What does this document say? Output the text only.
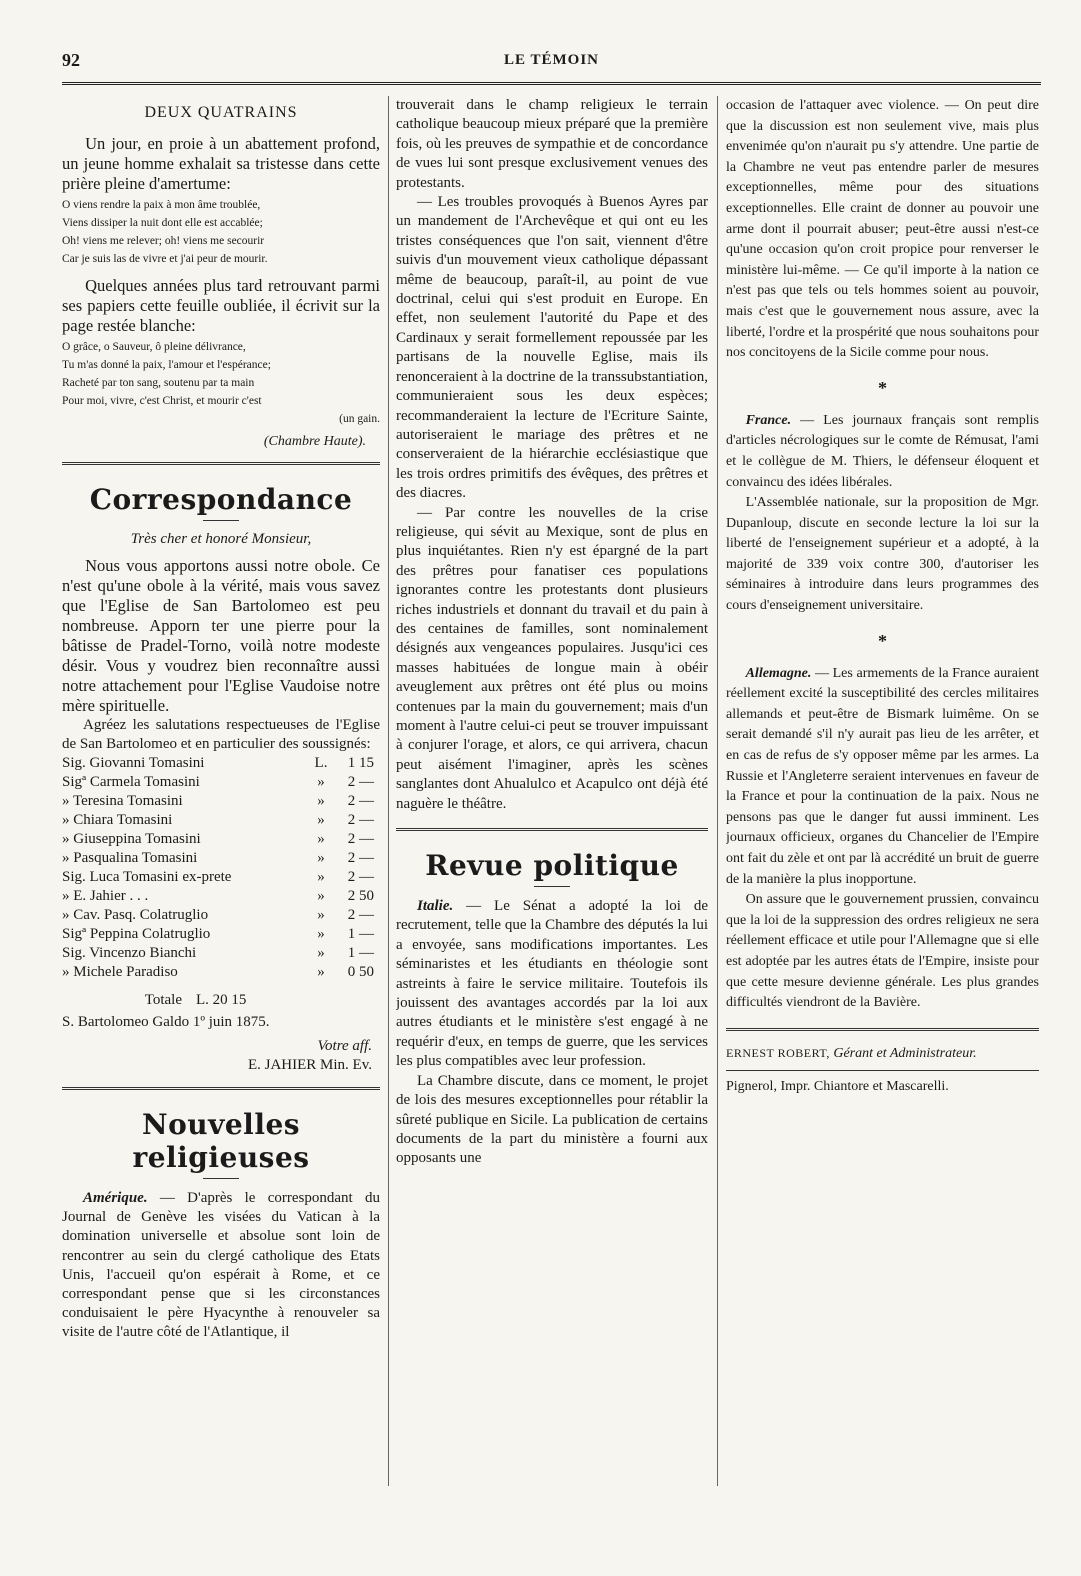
92	LE TÉMOIN
DEUX QUATRAINS

Un jour, en proie à un abattement profond, un jeune homme exhalait sa tristesse dans cette prière pleine d'amertume:

O viens rendre la paix à mon âme troublée,
Viens dissiper la nuit dont elle est accablée;
Oh! viens me relever; oh! viens me secourir
Car je suis las de vivre et j'ai peur de mourir.

Quelques années plus tard retrouvant parmi ses papiers cette feuille oubliée, il écrivit sur la page restée blanche:

O grâce, o Sauveur, ô pleine délivrance,
Tu m'as donné la paix, l'amour et l'espérance;
Racheté par ton sang, soutenu par ta main
Pour moi, vivre, c'est Christ, et mourir c'est
(un gain.
(Chambre Haute).
Correspondance
Très cher et honoré Monsieur,

Nous vous apportons aussi notre obole. Ce n'est qu'une obole à la vérité, mais vous savez que l'Eglise de San Bartolomeo est peu nombreuse. Apporn ter une pierre pour la bâtisse de Pradel-Torno, voilà notre modeste désir. Vous y voudrez bien reconnaître aussi notre attachement pour l'Eglise Vaudoise notre mère spirituelle.

Agréez les salutations respectueuses de l'Eglise de San Bartolomeo et en particulier des soussignés:

Sig. Giovanni Tomasini	L.	1 15
Sigª Carmela Tomasini	»	2 —
» Teresina Tomasini	»	2 —
» Chiara Tomasini	»	2 —
» Giuseppina Tomasini	»	2 —
» Pasqualina Tomasini	»	2 —
Sig. Luca Tomasini ex-prete	»	2 —
» E. Jahier . . .	»	2 50
» Cav. Pasq. Colatruglio	»	2 —
Sigª Peppina Colatruglio	»	1 —
Sig. Vincenzo Bianchi	»	1 —
» Michele Paradiso	»	0 50
Totale L. 20 15

S. Bartolomeo Galdo 1º juin 1875.

Votre aff.

E. JAHIER Min. Ev.

Nouvelles religieuses

Amérique. — D'après le correspondant du Journal de Genève les visées du Vatican à la domination universelle et absolue sont loin de rencontrer au sein du clergé catholique des Etats Unis, l'accueil qu'on espérait à Rome, et ce correspondant pense que si les circonstances conduisaient le père Hyacynthe à renouveler sa visite de l'autre côté de l'Atlantique, il

trouverait dans le champ religieux le terrain catholique beaucoup mieux préparé que la première fois, où les preuves de sympathie et de concordance de vues lui sont presque exclusivement venues des protestants.

— Les troubles provoqués à Buenos Ayres par un mandement de l'Archevêque et qui ont eu les tristes conséquences que l'on sait, viennent d'être suivis d'un mouvement vieux catholique dépassant même de beaucoup, paraît-il, au point de vue doctrinal, celui qui s'est produit en Europe. En effet, non seulement l'autorité du Pape et des Cardinaux y serait formellement repoussée par les partisans de la nouvelle Eglise, mais ils renonceraient à la doctrine de la transsubstantiation, communieraient sous les deux espèces; recommanderaient la lecture de l'Ecriture Sainte, autoriseraient le mariage des prêtres et ne conserveraient de la hiérarchie ecclésiastique que les trois ordres primitifs des évêques, des prêtres et des diacres.

— Par contre les nouvelles de la crise religieuse, qui sévit au Mexique, sont de plus en plus inquiétantes. Rien n'y est épargné de la part des prêtres pour fanatiser ces populations ignorantes contre les protestants dont plusieurs riches industriels et donnant du travail et du pain à des centaines de familles, sont nominalement désignés aux vengeances populaires. Jusqu'ici ces masses habituées de longue main à obéir aveuglement aux prêtres ont été plus ou moins contenues par la main du gouvernement; mais d'un moment à l'autre celui-ci peut se trouver impuissant à conjurer l'orage, et alors, ce qui arrivera, chacun peut aisément l'imaginer, après les scènes sanglantes dont Ahualulco et Acapulco ont déjà été naguère le théâtre.

Revue politique

Italie. — Le Sénat a adopté la loi de recrutement, telle que la Chambre des députés la lui a envoyée, sans modifications importantes. Les séminaristes et les étudiants en théologie sont astreints à faire le service militaire. Toutefois ils jouissent des avantages accordés par la loi aux autres étudiants et le ministère s'est engagé à ne requérir d'eux, en temps de guerre, que les services les plus compatibles avec leur profession.

La Chambre discute, dans ce moment, le projet de lois des mesures exceptionnelles pour rétablir la sûreté publique en Sicile. La publication de certains documents de la part du ministère a fourni aux opposants une

occasion de l'attaquer avec violence. — On peut dire que la discussion est non seulement vive, mais plus envenimée qu'on n'aurait pu s'y attendre. Une partie de la Chambre ne veut pas entendre parler de mesures exceptionnelles, même pour des situations exceptionnelles. Elle craint de donner au pouvoir une arme dont il pourrait abuser; peut-être aussi n'est-ce qu'une occasion qu'on croit propice pour renverser le ministère lui-même. — Ce qu'il importe à la nation ce n'est pas que tels ou tels hommes soient au pouvoir, mais c'est que le gouvernement nous assure, avec la liberté, l'ordre et la prospérité que nous souhaitons pour nos concitoyens de la Sicile comme pour nous.

*

France. — Les journaux français sont remplis d'articles nécrologiques sur le comte de Rémusat, l'ami et le collègue de M. Thiers, le défenseur éloquent et convaincu des idées libérales.

L'Assemblée nationale, sur la proposition de Mgr. Dupanloup, discute en seconde lecture la loi sur la liberté de l'enseignement supérieur et a adopté, à la majorité de 339 voix contre 300, d'autoriser les séminaires à introduire dans leurs programmes des cours d'enseignement universitaire.

*

Allemagne. — Les armements de la France auraient réellement excité la susceptibilité des cercles militaires allemands et peut-être de Bismark luimême. On se serait demandé s'il n'y aurait pas lieu de les arrêter, et en cas de refus de s'y opposer même par les armes. La Russie et l'Angleterre seraient intervenues en faveur de la France et pour la continuation de la paix. Nous ne pensons pas que le danger fut aussi imminent. Les journaux officieux, organes du Chancelier de l'Empire ont fait du zèle et ont par là accrédité un bruit de guerre de la manière la plus inopportune.

On assure que le gouvernement prussien, convaincu que la loi de la suppression des ordres religieux ne sera réellement efficace et utile pour l'Allemagne que si elle est adoptée par les autres états de l'Empire, insiste pour que cette mesure devienne générale. Les plus grandes difficultés viendront de la Bavière.

ERNEST ROBERT, Gérant et Administrateur.

Pignerol, Impr. Chiantore et Mascarelli.
